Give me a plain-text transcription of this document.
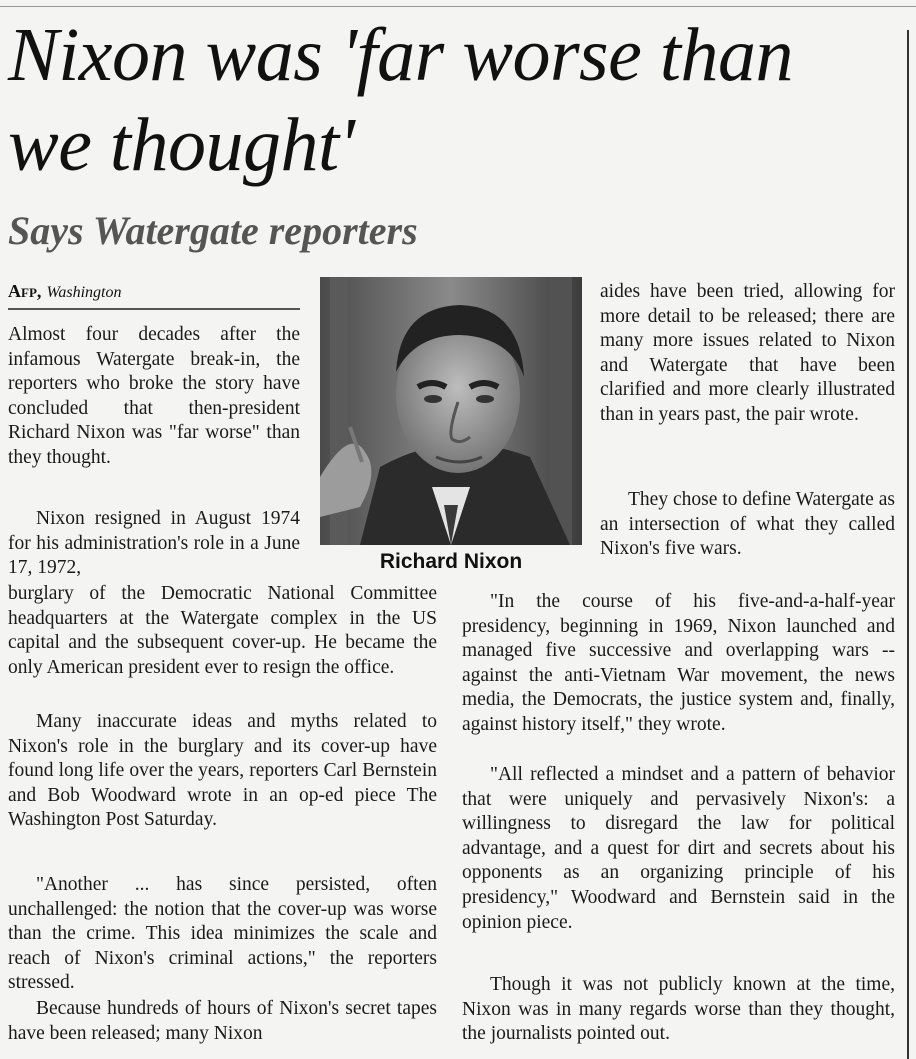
Nixon was 'far worse than
we thought'
Says Watergate reporters
Afp, Washington

Almost four decades after the infamous Watergate break-in, the reporters who broke the story have concluded that then-president Richard Nixon was "far worse" than they thought.

Nixon resigned in August 1974 for his administration's role in a June 17, 1972,

burglary of the Democratic National Committee headquarters at the Watergate complex in the US capital and the subsequent cover-up. He became the only American president ever to resign the office.

Many inaccurate ideas and myths related to Nixon's role in the burglary and its cover-up have found long life over the years, reporters Carl Bernstein and Bob Woodward wrote in an op-ed piece The Washington Post Saturday.

"Another ... has since persisted, often unchallenged: the notion that the cover-up was worse than the crime. This idea minimizes the scale and reach of Nixon's criminal actions," the reporters stressed.

Because hundreds of hours of Nixon's secret tapes have been released; many Nixon

Richard Nixon

aides have been tried, allowing for more detail to be released; there are many more issues related to Nixon and Watergate that have been clarified and more clearly illustrated than in years past, the pair wrote.

They chose to define Watergate as an intersection of what they called Nixon's five wars.

"In the course of his five-and-a-half-year presidency, beginning in 1969, Nixon launched and managed five successive and overlapping wars -- against the anti-Vietnam War movement, the news media, the Democrats, the justice system and, finally, against history itself," they wrote.

"All reflected a mindset and a pattern of behavior that were uniquely and pervasively Nixon's: a willingness to disregard the law for political advantage, and a quest for dirt and secrets about his opponents as an organizing principle of his presidency," Woodward and Bernstein said in the opinion piece.

Though it was not publicly known at the time, Nixon was in many regards worse than they thought, the journalists pointed out.
